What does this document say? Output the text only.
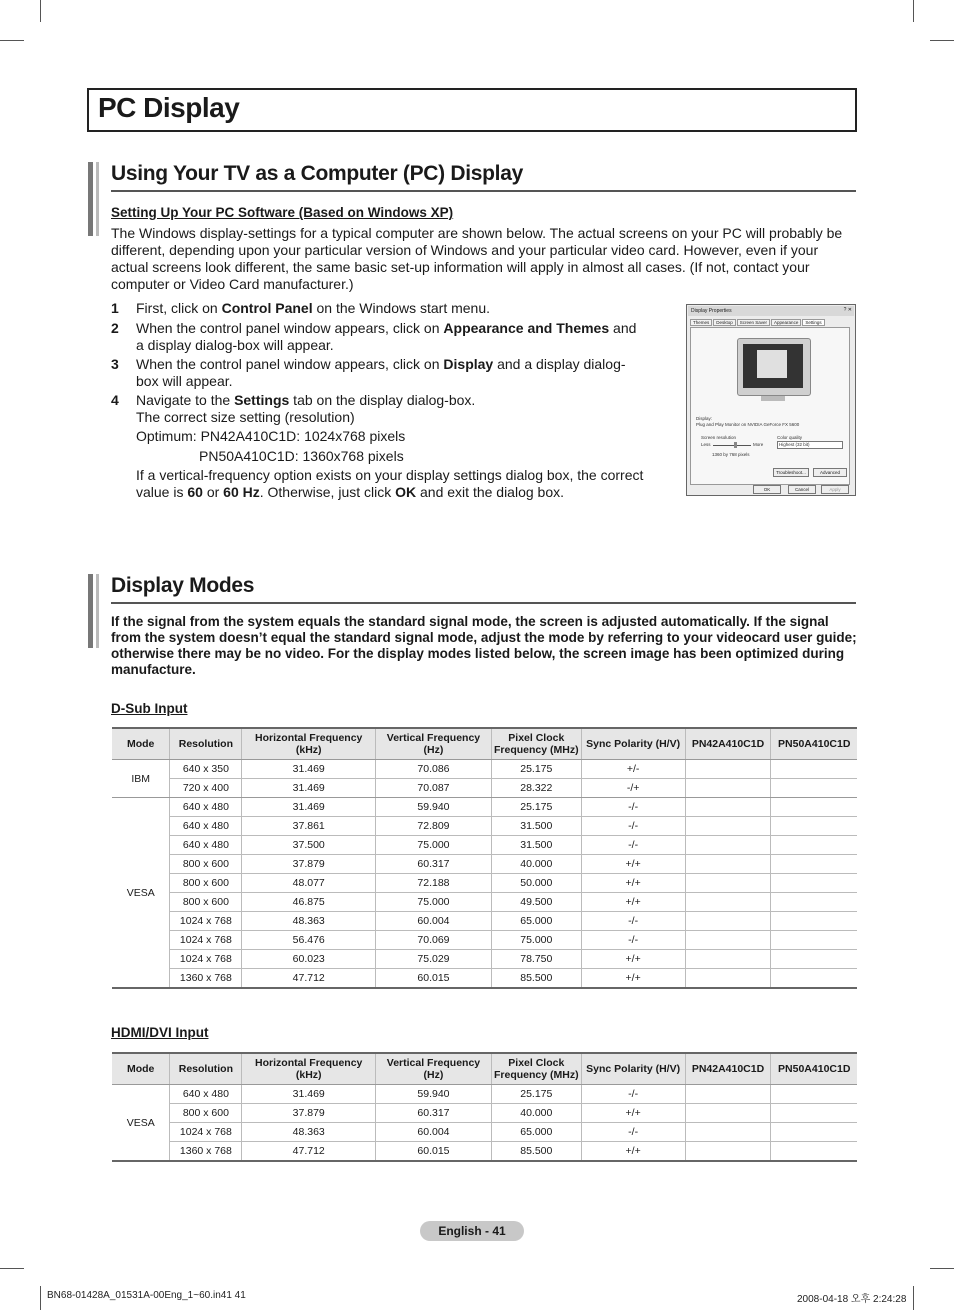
PC Display
Using Your TV as a Computer (PC) Display
Setting Up Your PC Software (Based on Windows XP)
The Windows display-settings for a typical computer are shown below. The actual screens on your PC will probably be different, depending upon your particular version of Windows and your particular video card. However, even if your actual screens look different, the same basic set-up information will apply in almost all cases. (If not, contact your computer or Video Card manufacturer.)
1 First, click on Control Panel on the Windows start menu.
2 When the control panel window appears, click on Appearance and Themes and a display dialog-box will appear.
3 When the control panel window appears, click on Display and a display dialog-box will appear.
4 Navigate to the Settings tab on the display dialog-box.
The correct size setting (resolution)
Optimum: PN42A410C1D: 1024x768 pixels
PN50A410C1D: 1360x768 pixels
If a vertical-frequency option exists on your display settings dialog box, the correct value is 60 or 60 Hz. Otherwise, just click OK and exit the dialog box.
Display Properties	? ✕
Themes Desktop Screen Saver Appearance Settings
Display:
Plug and Play Monitor on NVIDIA GeForce FX 5600
Screen resolution
Less	More
1360 by 768 pixels
Color quality
Highest (32 bit)
Troubleshoot...	Advanced
OK	Cancel	Apply
Display Modes
If the signal from the system equals the standard signal mode, the screen is adjusted automatically. If the signal from the system doesn’t equal the standard signal mode, adjust the mode by referring to your videocard user guide; otherwise there may be no video. For the display modes listed below, the screen image has been optimized during manufacture.
D-Sub Input
Mode	Resolution	Horizontal Frequency (kHz)	Vertical Frequency (Hz)	Pixel Clock Frequency (MHz)	Sync Polarity (H/V)	PN42A410C1D	PN50A410C1D
IBM	640 x 350	31.469	70.086	25.175	+/-		
	720 x 400	31.469	70.087	28.322	-/+		
VESA	640 x 480	31.469	59.940	25.175	-/-		
	640 x 480	37.861	72.809	31.500	-/-		
	640 x 480	37.500	75.000	31.500	-/-		
	800 x 600	37.879	60.317	40.000	+/+		
	800 x 600	48.077	72.188	50.000	+/+		
	800 x 600	46.875	75.000	49.500	+/+		
	1024 x 768	48.363	60.004	65.000	-/-		
	1024 x 768	56.476	70.069	75.000	-/-		
	1024 x 768	60.023	75.029	78.750	+/+		
	1360 x 768	47.712	60.015	85.500	+/+		
HDMI/DVI Input
Mode	Resolution	Horizontal Frequency (kHz)	Vertical Frequency (Hz)	Pixel Clock Frequency (MHz)	Sync Polarity (H/V)	PN42A410C1D	PN50A410C1D
VESA	640 x 480	31.469	59.940	25.175	-/-		
	800 x 600	37.879	60.317	40.000	+/+		
	1024 x 768	48.363	60.004	65.000	-/-		
	1360 x 768	47.712	60.015	85.500	+/+		
English - 41
BN68-01428A_01531A-00Eng_1~60.in41 41	2008-04-18 오후 2:24:28
